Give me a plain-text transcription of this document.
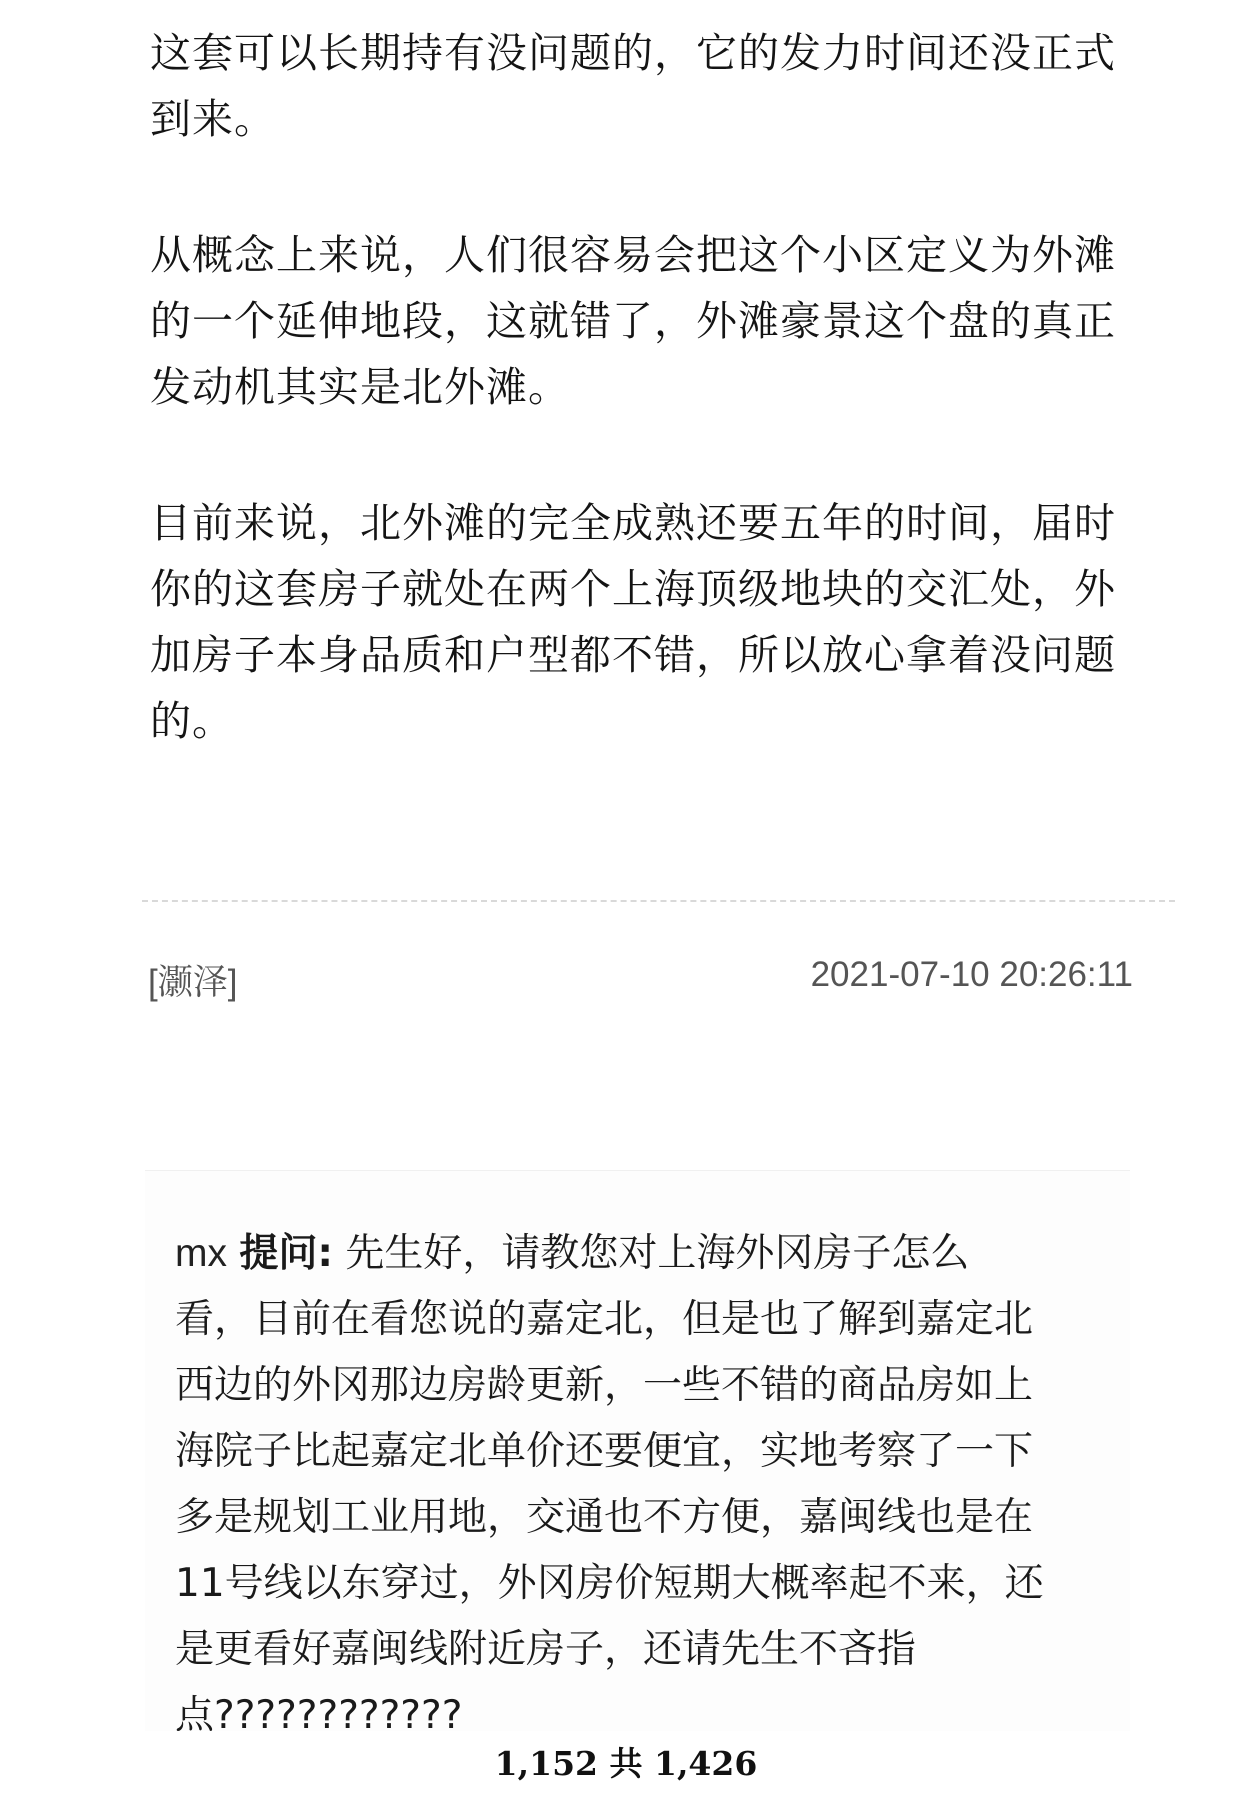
这套可以长期持有没问题的，它的发力时间还没正式
到来。

从概念上来说，人们很容易会把这个小区定义为外滩
的一个延伸地段，这就错了，外滩豪景这个盘的真正
发动机其实是北外滩。

目前来说，北外滩的完全成熟还要五年的时间，届时
你的这套房子就处在两个上海顶级地块的交汇处，外
加房子本身品质和户型都不错，所以放心拿着没问题
的。

[灏泽]	2021-07-10 20:26:11
mx 提问: 先生好，请教您对上海外冈房子怎么
看，目前在看您说的嘉定北，但是也了解到嘉定北
西边的外冈那边房龄更新，一些不错的商品房如上
海院子比起嘉定北单价还要便宜，实地考察了一下
多是规划工业用地，交通也不方便，嘉闽线也是在
11号线以东穿过，外冈房价短期大概率起不来，还
是更看好嘉闽线附近房子，还请先生不吝指
点????????????
1,152 共 1,426
